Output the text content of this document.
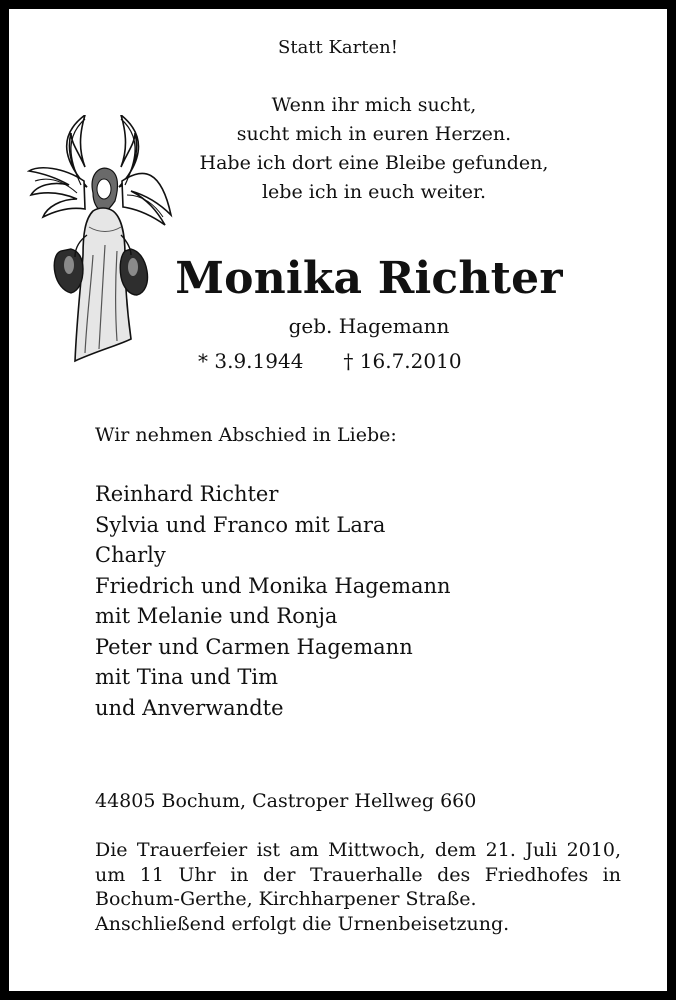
Statt Karten!
Wenn ihr mich sucht,
sucht mich in euren Herzen.
Habe ich dort eine Bleibe gefunden,
lebe ich in euch weiter.
Monika Richter
geb. Hagemann
* 3.9.1944 † 16.7.2010
Wir nehmen Abschied in Liebe:
Reinhard Richter
Sylvia und Franco mit Lara
Charly
Friedrich und Monika Hagemann
mit Melanie und Ronja
Peter und Carmen Hagemann
mit Tina und Tim
und Anverwandte
44805 Bochum, Castroper Hellweg 660

Die Trauerfeier ist am Mittwoch, dem 21. Juli 2010,

um 11 Uhr in der Trauerhalle des Friedhofes in

Bochum-Gerthe, Kirchharpener Straße.

Anschließend erfolgt die Urnenbeisetzung.
